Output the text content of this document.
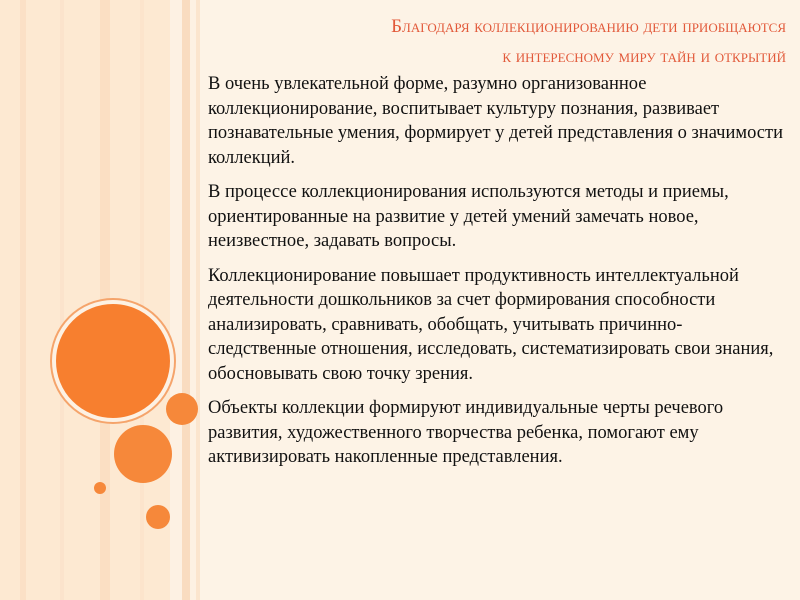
Благодаря коллекционированию дети приобщаются
к интересному миру тайн и открытий

В очень увлекательной форме, разумно организованное коллекционирование, воспитывает культуру познания, развивает познавательные умения, формирует у детей представления о значимости коллекций.

В процессе коллекционирования используются методы и приемы, ориентированные на развитие у детей умений замечать новое, неизвестное, задавать вопросы.

Коллекционирование повышает продуктивность интеллектуальной деятельности дошкольников за счет формирования способности анализировать, сравнивать, обобщать, учитывать причинно-следственные отношения, исследовать, систематизировать свои знания, обосновывать свою точку зрения.

Объекты коллекции формируют индивидуальные черты речевого развития, художественного творчества ребенка, помогают ему активизировать накопленные представления.
